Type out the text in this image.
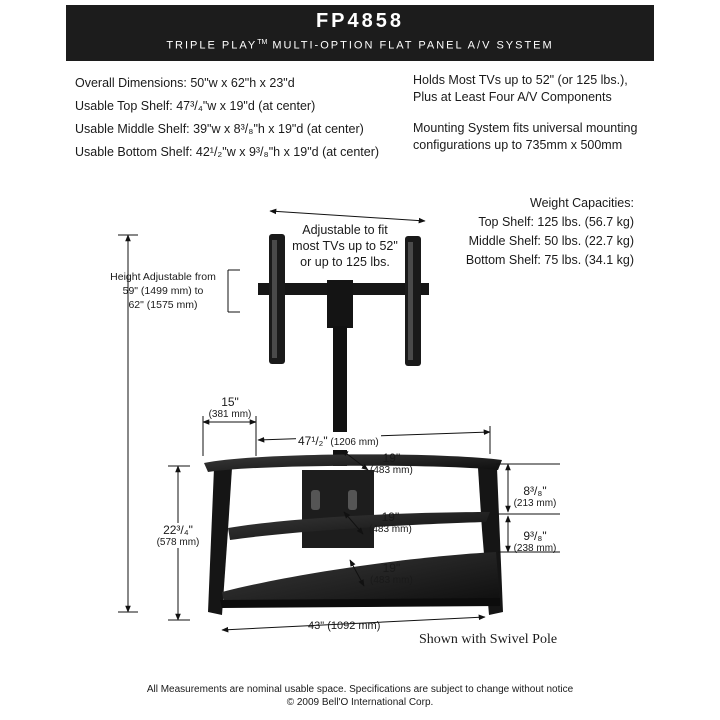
FP4858
TRIPLE PLAY™ MULTI-OPTION FLAT PANEL A/V SYSTEM
Overall Dimensions: 50"w x 62"h x 23"d
Usable Top Shelf: 47³/₄"w x 19"d (at center)
Usable Middle Shelf: 39"w x 8³/₈"h x 19"d (at center)
Usable Bottom Shelf: 42¹/₂"w x 9³/₈"h x 19"d (at center)
Holds Most TVs up to 52" (or 125 lbs.),
Plus at Least Four A/V Components
Mounting System fits universal mounting
configurations up to 735mm x 500mm
Weight Capacities:
Top Shelf: 125 lbs. (56.7 kg)
Middle Shelf: 50 lbs. (22.7 kg)
Bottom Shelf: 75 lbs. (34.1 kg)
Adjustable to fit
most TVs up to 52"
or up to 125 lbs.
Height Adjustable from
59" (1499 mm) to
62" (1575 mm)
15"
(381 mm)
47¹/₂" (1206 mm)
19"
(483 mm)
19"
(483 mm)
19"
(483 mm)
8³/₈"
(213 mm)
9³/₈"
(238 mm)
22³/₄"
(578 mm)
43" (1092 mm)
Shown with Swivel Pole
All Measurements are nominal usable space. Specifications are subject to change without notice
© 2009 Bell'O International Corp.
